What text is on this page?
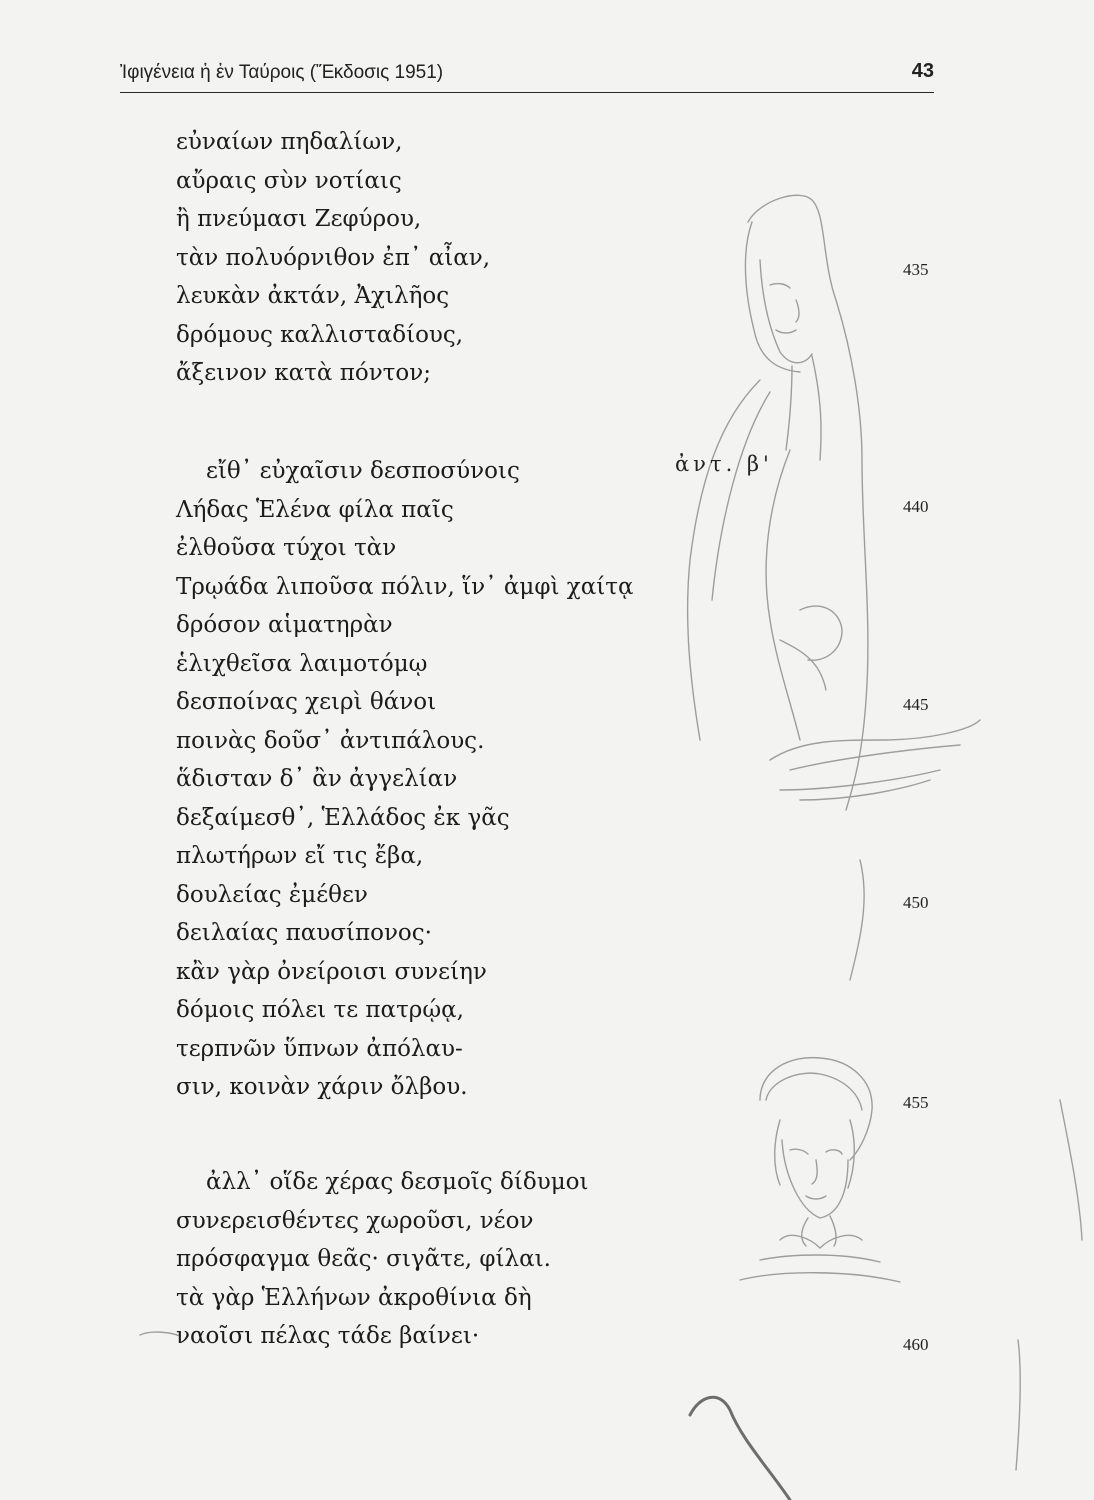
Ἰφιγένεια ἡ ἐν Ταύροις (Ἔκδοσις 1951)	43
εὐναίων πηδαλίων,
αὔραις σὺν νοτίαις
ἢ πνεύμασι Ζεφύρου,
τὰν πολυόρνιθον ἐπ᾽ αἶαν,
λευκὰν ἀκτάν, Ἀχιλῆος
δρόμους καλλισταδίους,
ἄξεινον κατὰ πόντον;
ἀντ. β'
εἴθ᾽ εὐχαῖσιν δεσποσύνοις
Λήδας Ἑλένα φίλα παῖς
ἐλθοῦσα τύχοι τὰν
Τρῳάδα λιποῦσα πόλιν, ἵν᾽ ἀμφὶ χαίτᾳ
δρόσον αἱματηρὰν
ἑλιχθεῖσα λαιμοτόμῳ
δεσποίνας χειρὶ θάνοι
ποινὰς δοῦσ᾽ ἀντιπάλους.
ἅδισταν δ᾽ ἂν ἀγγελίαν
δεξαίμεσθ᾽, Ἑλλάδος ἐκ γᾶς
πλωτήρων εἴ τις ἔβα,
δουλείας ἐμέθεν
δειλαίας παυσίπονος·
κἂν γὰρ ὀνείροισι συνείην
δόμοις πόλει τε πατρῴᾳ,
τερπνῶν ὕπνων ἀπόλαυ-
σιν, κοινὰν χάριν ὄλβου.
ἀλλ᾽ οἵδε χέρας δεσμοῖς δίδυμοι
συνερεισθέντες χωροῦσι, νέον
πρόσφαγμα θεᾶς· σιγᾶτε, φίλαι.
τὰ γὰρ Ἑλλήνων ἀκροθίνια δὴ
ναοῖσι πέλας τάδε βαίνει·
435
440
445
450
455
460
